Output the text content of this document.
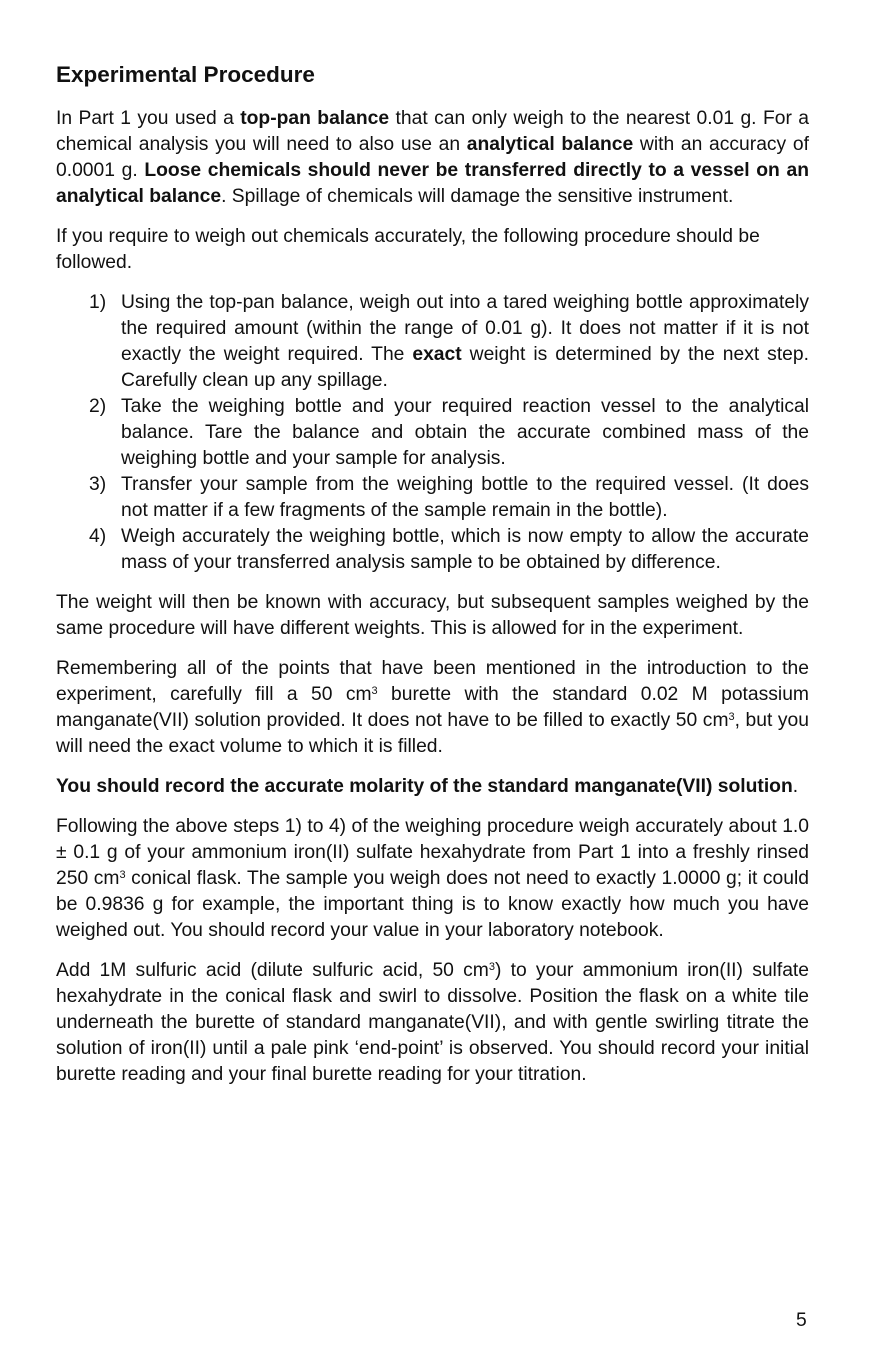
Experimental Procedure

In Part 1 you used a top-pan balance that can only weigh to the nearest 0.01 g. For a chemical analysis you will need to also use an analytical balance with an accuracy of 0.0001 g. Loose chemicals should never be transferred directly to a vessel on an analytical balance. Spillage of chemicals will damage the sensitive instrument.

If you require to weigh out chemicals accurately, the following procedure should be followed.

1) Using the top-pan balance, weigh out into a tared weighing bottle approximately the required amount (within the range of 0.01 g). It does not matter if it is not exactly the weight required. The exact weight is determined by the next step. Carefully clean up any spillage.
2) Take the weighing bottle and your required reaction vessel to the analytical balance. Tare the balance and obtain the accurate combined mass of the weighing bottle and your sample for analysis.
3) Transfer your sample from the weighing bottle to the required vessel. (It does not matter if a few fragments of the sample remain in the bottle).
4) Weigh accurately the weighing bottle, which is now empty to allow the accurate mass of your transferred analysis sample to be obtained by difference.

The weight will then be known with accuracy, but subsequent samples weighed by the same procedure will have different weights. This is allowed for in the experiment.

Remembering all of the points that have been mentioned in the introduction to the experiment, carefully fill a 50 $cm^3$ burette with the standard 0.02 M potassium manganate(VII) solution provided. It does not have to be filled to exactly 50 $cm^3$, but you will need the exact volume to which it is filled.

You should record the accurate molarity of the standard manganate(VII) solution.

Following the above steps 1) to 4) of the weighing procedure weigh accurately about 1.0 ± 0.1 g of your ammonium iron(II) sulfate hexahydrate from Part 1 into a freshly rinsed 250 $cm^3$ conical flask. The sample you weigh does not need to exactly 1.0000 g; it could be 0.9836 g for example, the important thing is to know exactly how much you have weighed out. You should record your value in your laboratory notebook.

Add 1M sulfuric acid (dilute sulfuric acid, 50 $cm^3$) to your ammonium iron(II) sulfate hexahydrate in the conical flask and swirl to dissolve. Position the flask on a white tile underneath the burette of standard manganate(VII), and with gentle swirling titrate the solution of iron(II) until a pale pink ‘end-point’ is observed. You should record your initial burette reading and your final burette reading for your titration.

5
